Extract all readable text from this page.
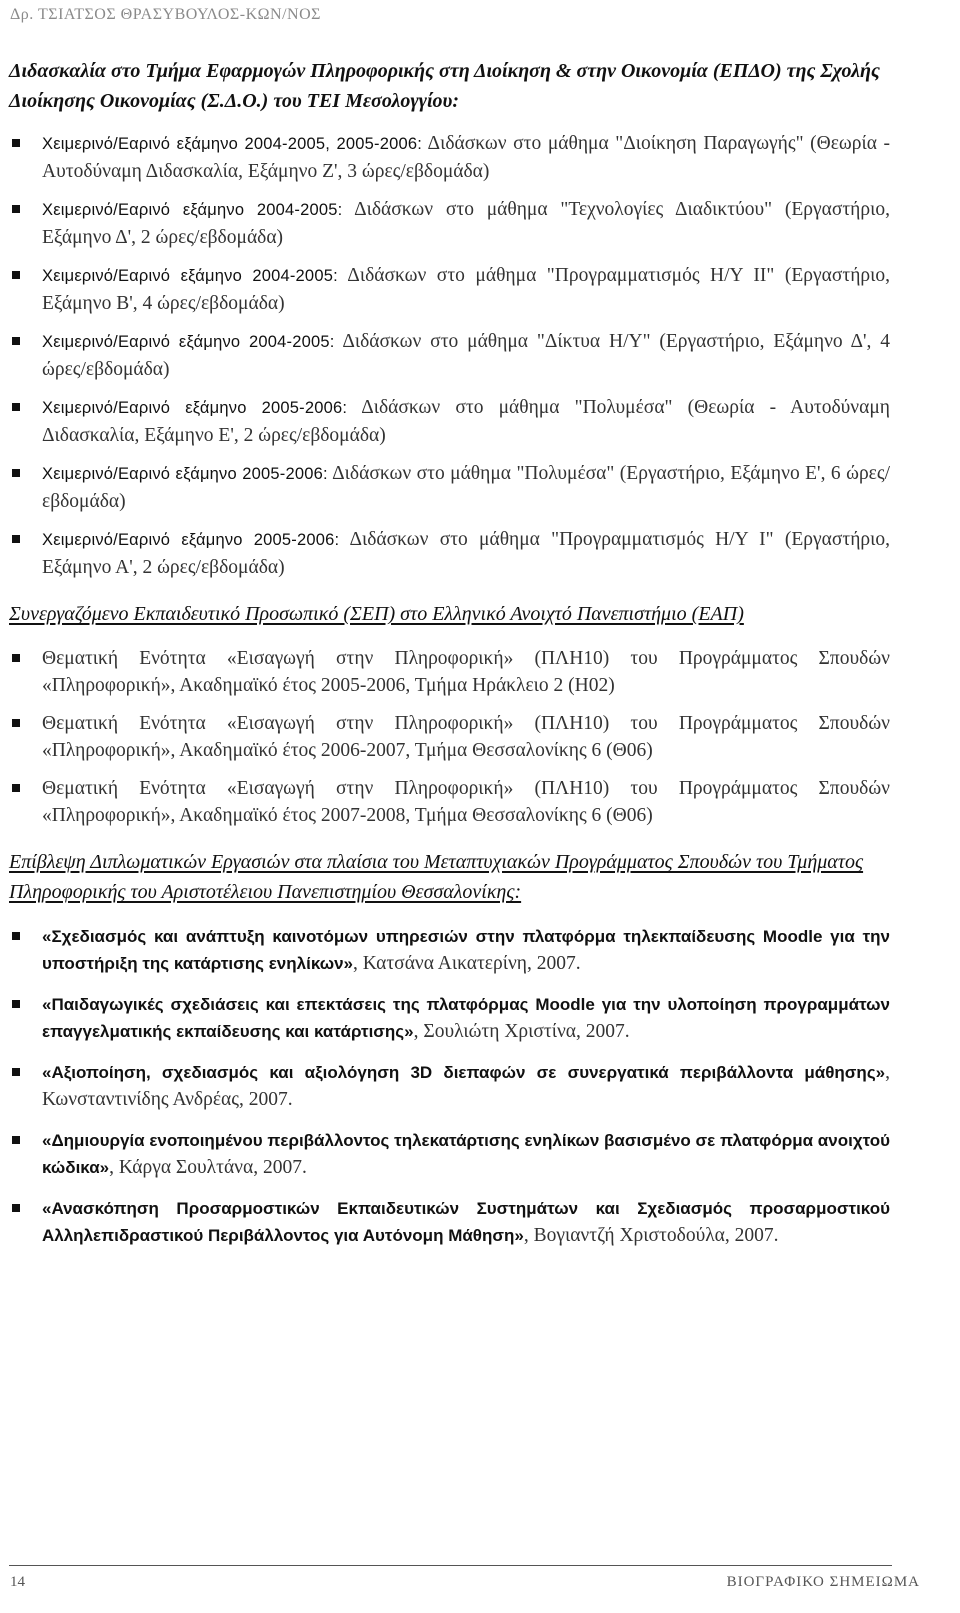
Δρ. ΤΣΙΑΤΣΟΣ ΘΡΑΣΥΒΟΥΛΟΣ-ΚΩΝ/ΝΟΣ

Διδασκαλία στο Τμήμα Εφαρμογών Πληροφορικής στη Διοίκηση & στην Οικονομία (ΕΠΔΟ) της Σχολής Διοίκησης Οικονομίας (Σ.Δ.Ο.) του ΤΕΙ Μεσολογγίου:

Χειμερινό/Εαρινό εξάμηνο 2004-2005, 2005-2006: Διδάσκων στο μάθημα "Διοίκηση Παραγωγής" (Θεωρία - Αυτοδύναμη Διδασκαλία, Εξάμηνο Ζ', 3 ώρες/εβδομάδα)
Χειμερινό/Εαρινό εξάμηνο 2004-2005: Διδάσκων στο μάθημα "Τεχνολογίες Διαδικτύου" (Εργαστήριο, Εξάμηνο Δ', 2 ώρες/εβδομάδα)
Χειμερινό/Εαρινό εξάμηνο 2004-2005: Διδάσκων στο μάθημα "Προγραμματισμός Η/Υ ΙΙ" (Εργαστήριο, Εξάμηνο Β', 4 ώρες/εβδομάδα)
Χειμερινό/Εαρινό εξάμηνο 2004-2005: Διδάσκων στο μάθημα "Δίκτυα Η/Υ" (Εργαστήριο, Εξάμηνο Δ', 4 ώρες/εβδομάδα)
Χειμερινό/Εαρινό εξάμηνο 2005-2006: Διδάσκων στο μάθημα "Πολυμέσα" (Θεωρία - Αυτοδύναμη Διδασκαλία, Εξάμηνο Ε', 2 ώρες/εβδομάδα)
Χειμερινό/Εαρινό εξάμηνο 2005-2006: Διδάσκων στο μάθημα "Πολυμέσα" (Εργαστήριο, Εξάμηνο Ε', 6 ώρες/εβδομάδα)
Χειμερινό/Εαρινό εξάμηνο 2005-2006: Διδάσκων στο μάθημα "Προγραμματισμός Η/Υ Ι" (Εργαστήριο, Εξάμηνο Α', 2 ώρες/εβδομάδα)

Συνεργαζόμενο Εκπαιδευτικό Προσωπικό (ΣΕΠ) στο Ελληνικό Ανοιχτό Πανεπιστήμιο (ΕΑΠ)

Θεματική Ενότητα «Εισαγωγή στην Πληροφορική» (ΠΛΗ10) του Προγράμματος Σπουδών «Πληροφορική», Ακαδημαϊκό έτος 2005-2006, Τμήμα Ηράκλειο 2 (Η02)
Θεματική Ενότητα «Εισαγωγή στην Πληροφορική» (ΠΛΗ10) του Προγράμματος Σπουδών «Πληροφορική», Ακαδημαϊκό έτος 2006-2007, Τμήμα Θεσσαλονίκης 6 (Θ06)
Θεματική Ενότητα «Εισαγωγή στην Πληροφορική» (ΠΛΗ10) του Προγράμματος Σπουδών «Πληροφορική», Ακαδημαϊκό έτος 2007-2008, Τμήμα Θεσσαλονίκης 6 (Θ06)

Επίβλεψη Διπλωματικών Εργασιών στα πλαίσια του Μεταπτυχιακών Προγράμματος Σπουδών του Τμήματος Πληροφορικής του Αριστοτέλειου Πανεπιστημίου Θεσσαλονίκης:

«Σχεδιασμός και ανάπτυξη καινοτόμων υπηρεσιών στην πλατφόρμα τηλεκπαίδευσης Moodle για την υποστήριξη της κατάρτισης ενηλίκων», Κατσάνα Αικατερίνη, 2007.
«Παιδαγωγικές σχεδιάσεις και επεκτάσεις της πλατφόρμας Moodle για την υλοποίηση προγραμμάτων επαγγελματικής εκπαίδευσης και κατάρτισης», Σουλιώτη Χριστίνα, 2007.
«Αξιοποίηση, σχεδιασμός και αξιολόγηση 3D διεπαφών σε συνεργατικά περιβάλλοντα μάθησης», Κωνσταντινίδης Ανδρέας, 2007.
«Δημιουργία ενοποιημένου περιβάλλοντος τηλεκατάρτισης ενηλίκων βασισμένο σε πλατφόρμα ανοιχτού κώδικα», Κάργα Σουλτάνα, 2007.
«Ανασκόπηση Προσαρμοστικών Εκπαιδευτικών Συστημάτων και Σχεδιασμός προσαρμοστικού Αλληλεπιδραστικού Περιβάλλοντος για Αυτόνομη Μάθηση», Βογιαντζή Χριστοδούλα, 2007.
14	ΒΙΟΓΡΑΦΙΚΟ ΣΗΜΕΙΩΜΑ
